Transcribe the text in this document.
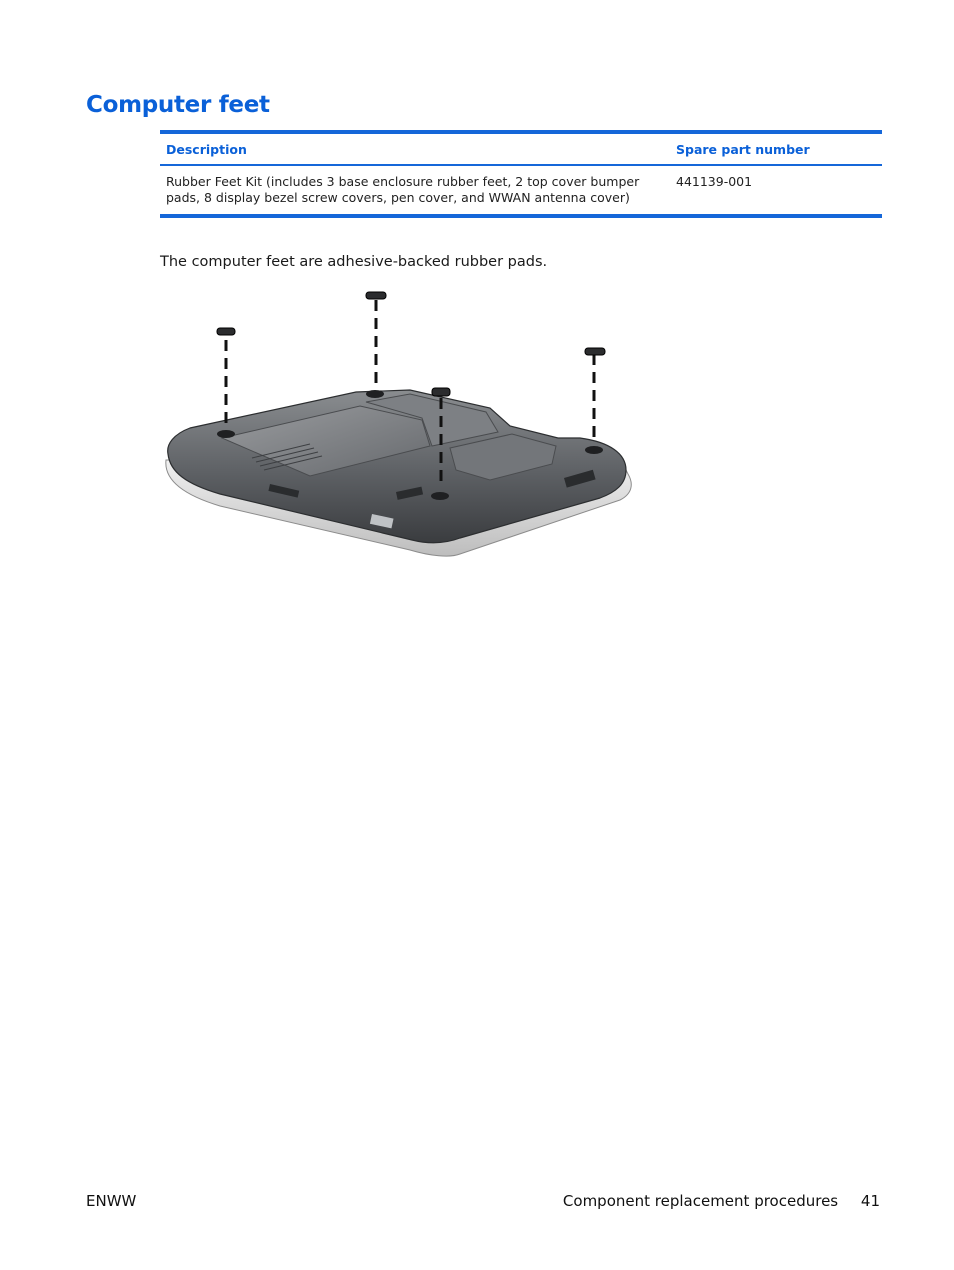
Computer feet
Description	Spare part number
Rubber Feet Kit (includes 3 base enclosure rubber feet, 2 top cover bumper pads, 8 display bezel screw covers, pen cover, and WWAN antenna cover)
441139-001

The computer feet are adhesive-backed rubber pads.

ENWW	Component replacement procedures 41
